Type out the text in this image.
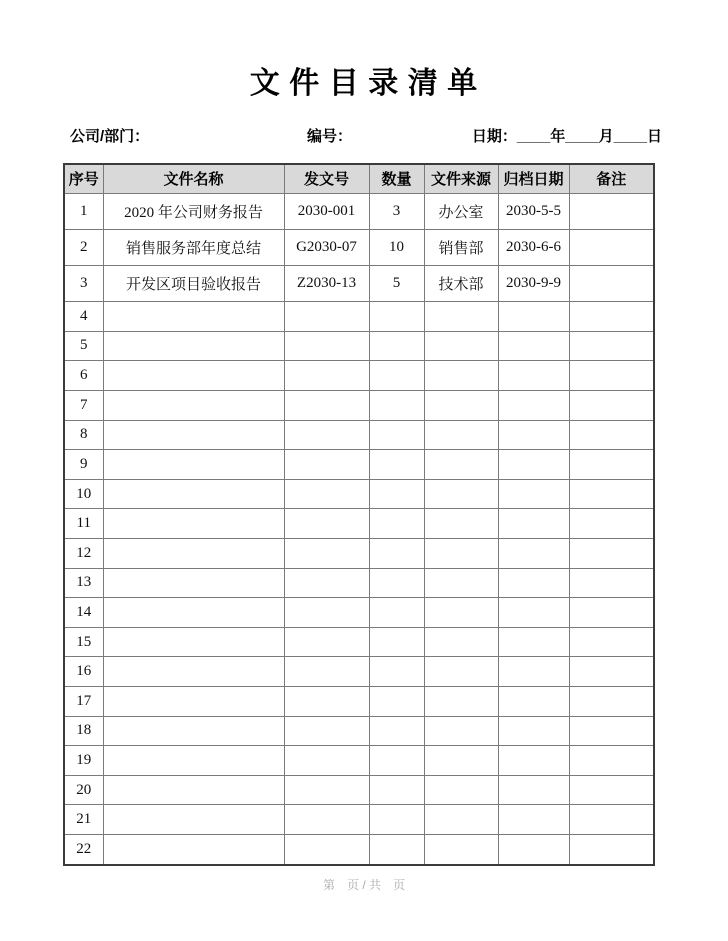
文 件 目 录 清 单

公司/部门：

	编号：

	日期：____年____月____日

序号	文件名称	发文号	数量	文件来源	归档日期	备注
1	2020 年公司财务报告	2030-001	3	办公室	2030-5-5	
2	销售服务部年度总结	G2030-07	10	销售部	2030-6-6	
3	开发区项目验收报告	Z2030-13	5	技术部	2030-9-9	
4						
5						
6						
7						
8						
9						
10						
11						
12						
13						
14						
15						
16						
17						
18						
19						
20						
21						
22						
第　页 / 共　页
